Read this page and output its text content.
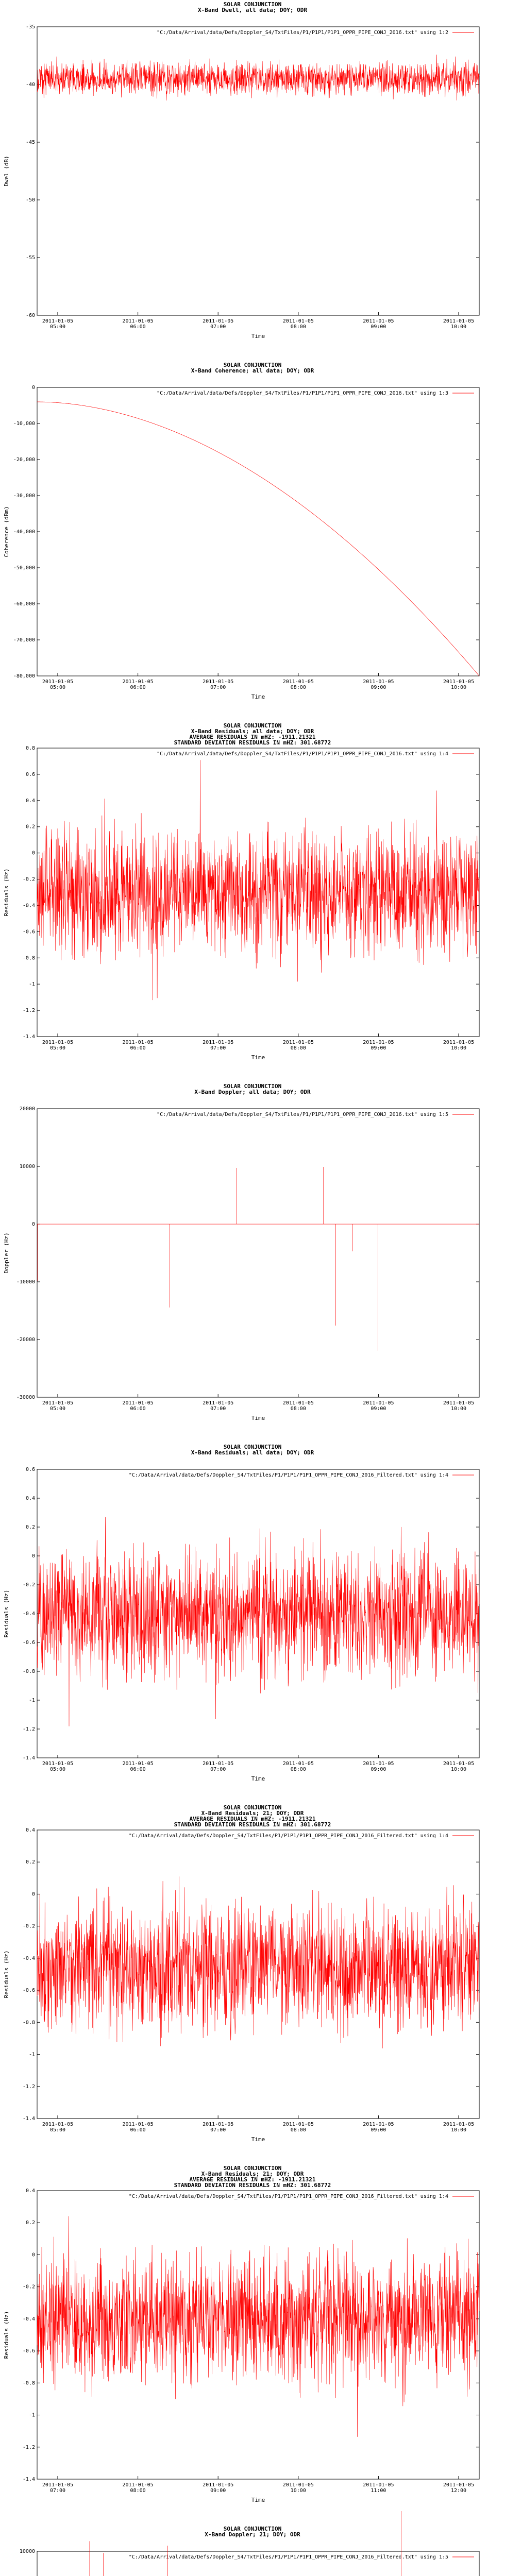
SOLAR CONJUNCTION
X-Band Dwell, all data; DOY; ODR
"C:/Data/Arrival/data/Defs/Doppler_S4/TxtFiles/P1/P1P1/P1P1_OPPR_PIPE_CONJ_2016.txt" using 1:2
-35
-40
-45
-50
-55
-60
2011-01-05
05:00
2011-01-05
06:00
2011-01-05
07:00
2011-01-05
08:00
2011-01-05
09:00
2011-01-05
10:00
Time
Dwel (dB)
SOLAR CONJUNCTION
X-Band Coherence; all data; DOY; ODR
"C:/Data/Arrival/data/Defs/Doppler_S4/TxtFiles/P1/P1P1/P1P1_OPPR_PIPE_CONJ_2016.txt" using 1:3
0
-10,000
-20,000
-30,000
-40,000
-50,000
-60,000
-70,000
-80,000
2011-01-05
05:00
2011-01-05
06:00
2011-01-05
07:00
2011-01-05
08:00
2011-01-05
09:00
2011-01-05
10:00
Time
Coherence (dBm)
SOLAR CONJUNCTION
X-Band Residuals; all data; DOY; ODR
AVERAGE RESIDUALS IN mHZ: -1911.21321
STANDARD DEVIATION RESIDUALS IN mHZ: 301.68772
"C:/Data/Arrival/data/Defs/Doppler_S4/TxtFiles/P1/P1P1/P1P1_OPPR_PIPE_CONJ_2016.txt" using 1:4
0.8
0.6
0.4
0.2
0
-0.2
-0.4
-0.6
-0.8
-1
-1.2
-1.4
2011-01-05
05:00
2011-01-05
06:00
2011-01-05
07:00
2011-01-05
08:00
2011-01-05
09:00
2011-01-05
10:00
Time
Residuals (Hz)
SOLAR CONJUNCTION
X-Band Doppler; all data; DOY; ODR
"C:/Data/Arrival/data/Defs/Doppler_S4/TxtFiles/P1/P1P1/P1P1_OPPR_PIPE_CONJ_2016.txt" using 1:5
20000
10000
0
-10000
-20000
-30000
2011-01-05
05:00
2011-01-05
06:00
2011-01-05
07:00
2011-01-05
08:00
2011-01-05
09:00
2011-01-05
10:00
Time
Doppler (Hz)
SOLAR CONJUNCTION
X-Band Residuals; all data; DOY; ODR
"C:/Data/Arrival/data/Defs/Doppler_S4/TxtFiles/P1/P1P1/P1P1_OPPR_PIPE_CONJ_2016_Filtered.txt" using 1:4
0.6
0.4
0.2
0
-0.2
-0.4
-0.6
-0.8
-1
-1.2
-1.4
2011-01-05
05:00
2011-01-05
06:00
2011-01-05
07:00
2011-01-05
08:00
2011-01-05
09:00
2011-01-05
10:00
Time
Residuals (Hz)
SOLAR CONJUNCTION
X-Band Residuals; 21; DOY; ODR
AVERAGE RESIDUALS IN mHZ: -1911.21321
STANDARD DEVIATION RESIDUALS IN mHZ: 301.68772
"C:/Data/Arrival/data/Defs/Doppler_S4/TxtFiles/P1/P1P1/P1P1_OPPR_PIPE_CONJ_2016_Filtered.txt" using 1:4
0.4
0.2
0
-0.2
-0.4
-0.6
-0.8
-1
-1.2
-1.4
2011-01-05
05:00
2011-01-05
06:00
2011-01-05
07:00
2011-01-05
08:00
2011-01-05
09:00
2011-01-05
10:00
Time
Residuals (Hz)
SOLAR CONJUNCTION
X-Band Residuals; 21; DOY; ODR
AVERAGE RESIDUALS IN mHZ: -1911.21321
STANDARD DEVIATION RESIDUALS IN mHZ: 301.68772
"C:/Data/Arrival/data/Defs/Doppler_S4/TxtFiles/P1/P1P1/P1P1_OPPR_PIPE_CONJ_2016_Filtered.txt" using 1:4
0.4
0.2
0
-0.2
-0.4
-0.6
-0.8
-1
-1.2
-1.4
2011-01-05
07:00
2011-01-05
08:00
2011-01-05
09:00
2011-01-05
10:00
2011-01-05
11:00
2011-01-05
12:00
Time
Residuals (Hz)
SOLAR CONJUNCTION
X-Band Doppler; 21; DOY; ODR
"C:/Data/Arrival/data/Defs/Doppler_S4/TxtFiles/P1/P1P1/P1P1_OPPR_PIPE_CONJ_2016_Filtered.txt" using 1:5
10000
